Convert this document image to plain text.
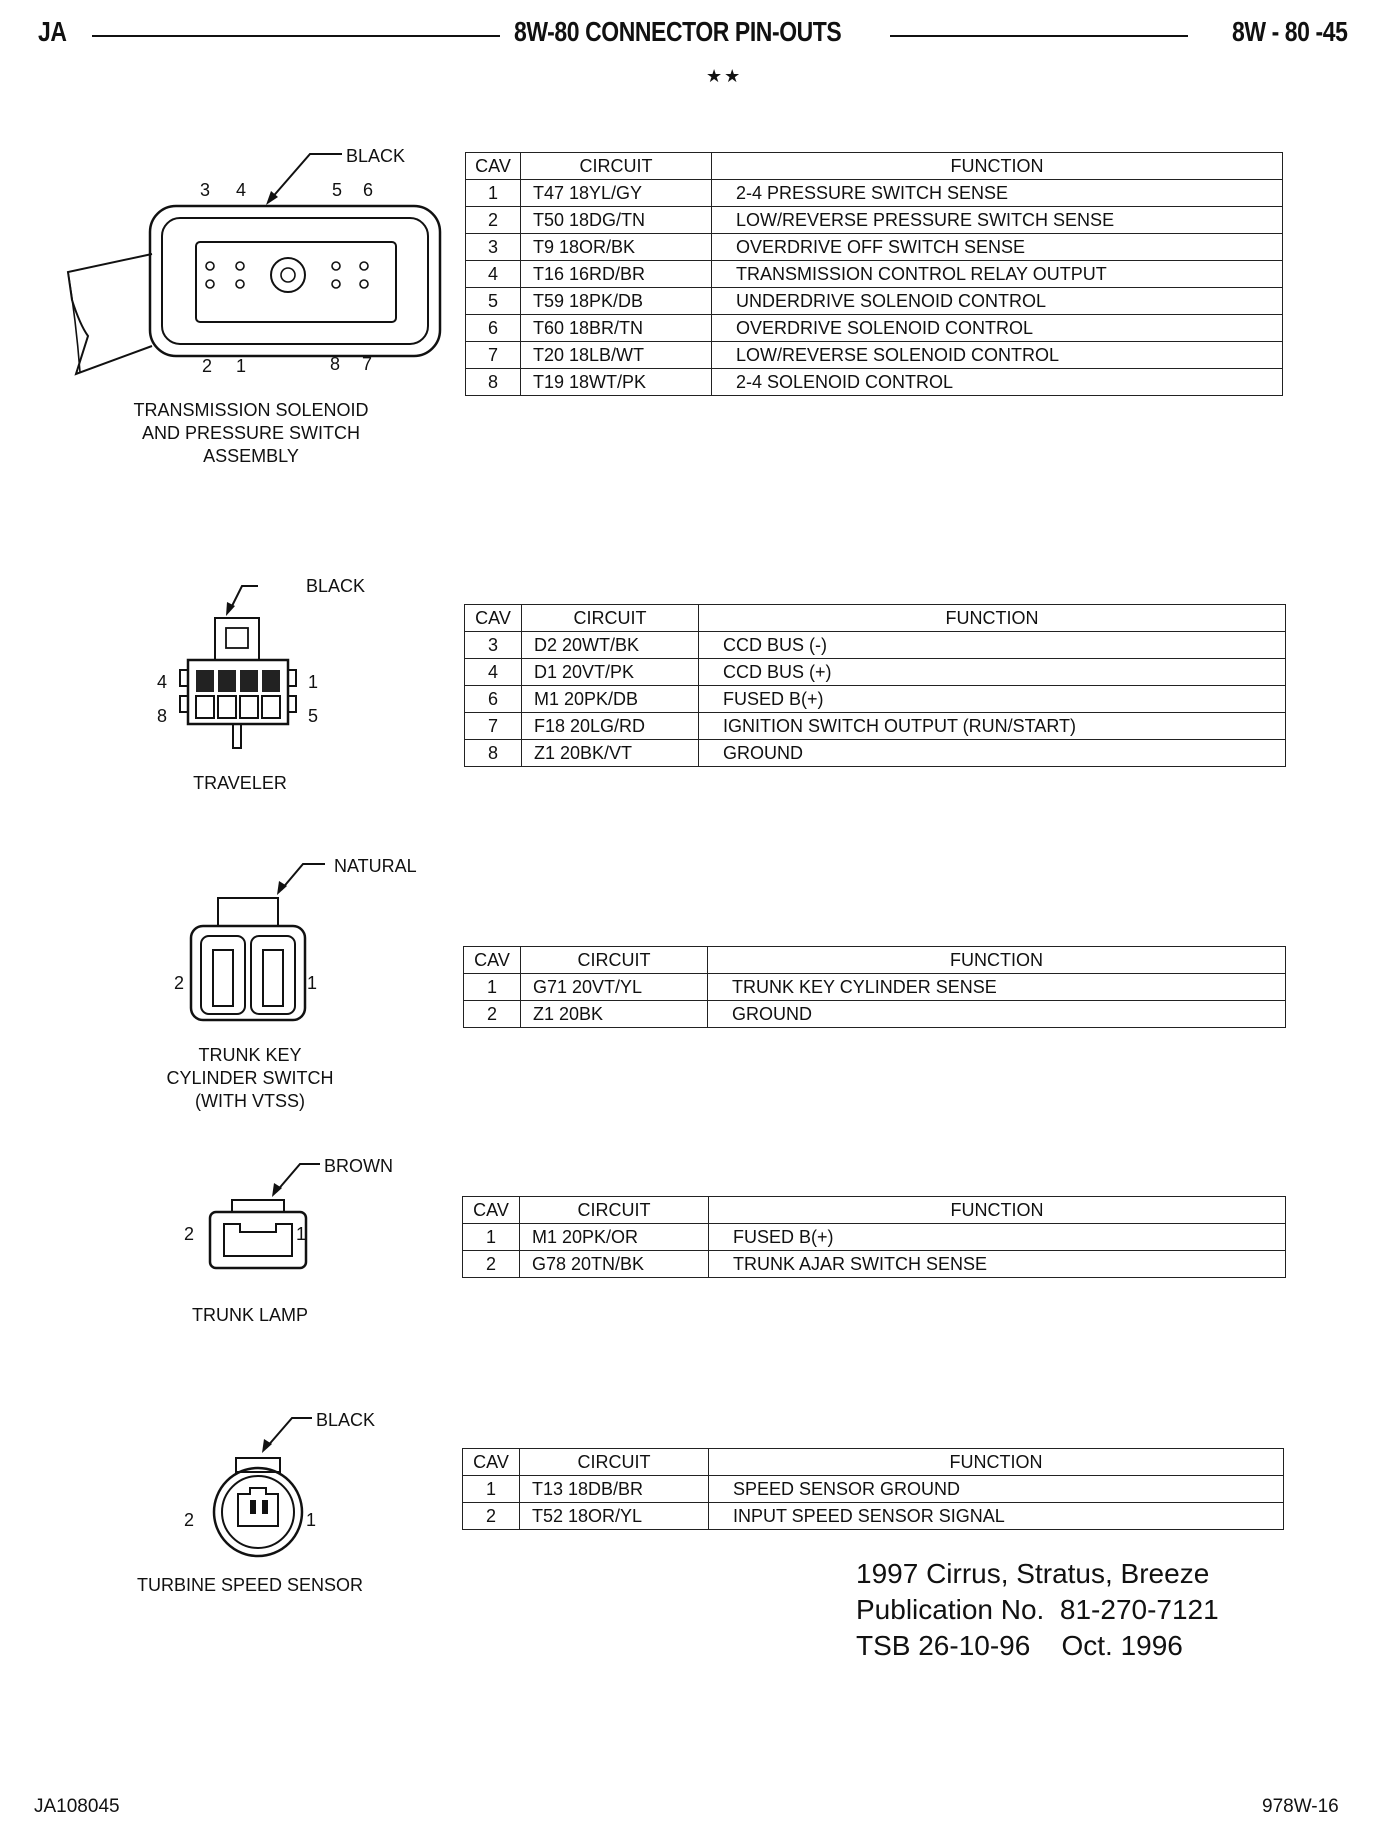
JA	8W-80 CONNECTOR PIN-OUTS	8W - 80 -45
★★
BLACK
3 4	5 6
2 1	8 7
TRANSMISSION SOLENOID
AND PRESSURE SWITCH
ASSEMBLY
CAV	CIRCUIT	FUNCTION
1	T47 18YL/GY	2-4 PRESSURE SWITCH SENSE
2	T50 18DG/TN	LOW/REVERSE PRESSURE SWITCH SENSE
3	T9 18OR/BK	OVERDRIVE OFF SWITCH SENSE
4	T16 16RD/BR	TRANSMISSION CONTROL RELAY OUTPUT
5	T59 18PK/DB	UNDERDRIVE SOLENOID CONTROL
6	T60 18BR/TN	OVERDRIVE SOLENOID CONTROL
7	T20 18LB/WT	LOW/REVERSE SOLENOID CONTROL
8	T19 18WT/PK	2-4 SOLENOID CONTROL
BLACK
4	1
8	5
TRAVELER
CAV	CIRCUIT	FUNCTION
3	D2 20WT/BK	CCD BUS (-)
4	D1 20VT/PK	CCD BUS (+)
6	M1 20PK/DB	FUSED B(+)
7	F18 20LG/RD	IGNITION SWITCH OUTPUT (RUN/START)
8	Z1 20BK/VT	GROUND
NATURAL
2	1
TRUNK KEY
CYLINDER SWITCH
(WITH VTSS)
CAV	CIRCUIT	FUNCTION
1	G71 20VT/YL	TRUNK KEY CYLINDER SENSE
2	Z1 20BK	GROUND
BROWN
2	1
TRUNK LAMP
CAV	CIRCUIT	FUNCTION
1	M1 20PK/OR	FUSED B(+)
2	G78 20TN/BK	TRUNK AJAR SWITCH SENSE
BLACK
2	1
TURBINE SPEED SENSOR
CAV	CIRCUIT	FUNCTION
1	T13 18DB/BR	SPEED SENSOR GROUND
2	T52 18OR/YL	INPUT SPEED SENSOR SIGNAL
1997 Cirrus, Stratus, Breeze
Publication No. 81-270-7121
TSB 26-10-96 Oct. 1996
JA108045	978W-16
